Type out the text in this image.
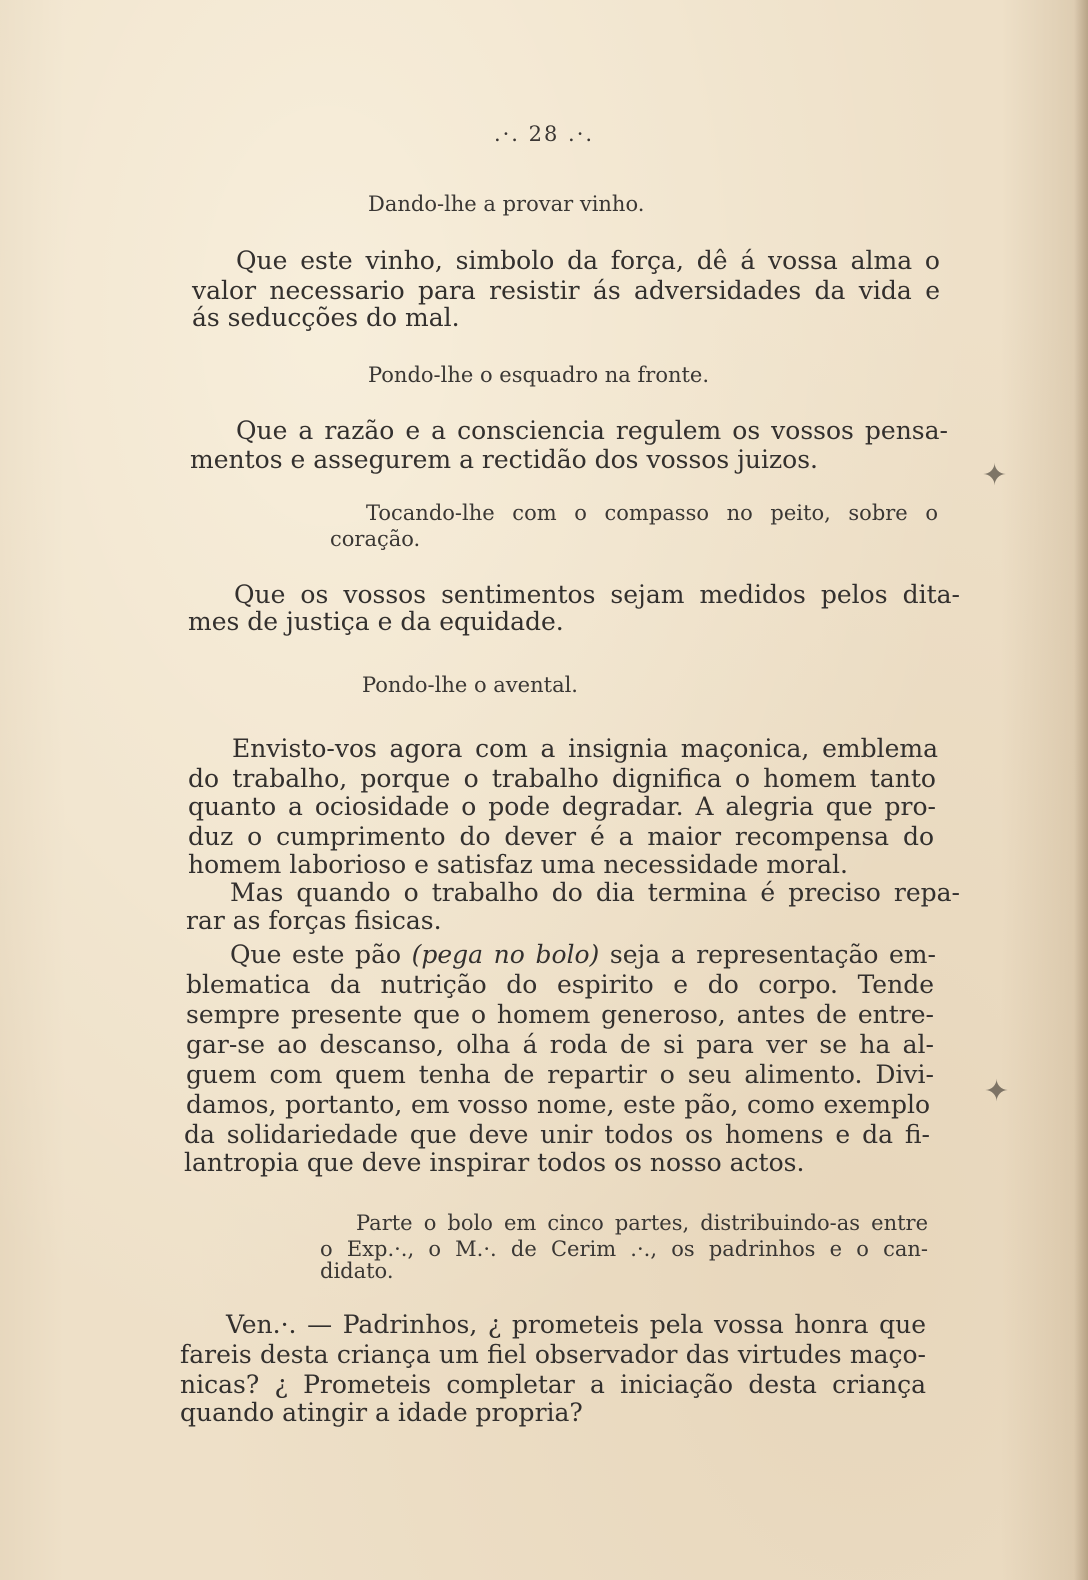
.·. 28 .·.
Dando-lhe a provar vinho.
Que este vinho, simbolo da força, dê á vossa alma o
valor necessario para resistir ás adversidades da vida e
ás seducções do mal.
Pondo-lhe o esquadro na fronte.
Que a razão e a consciencia regulem os vossos pensa-
mentos e assegurem a rectidão dos vossos juizos.
Tocando-lhe com o compasso no peito, sobre o
coração.
Que os vossos sentimentos sejam medidos pelos dita-
mes de justiça e da equidade.
Pondo-lhe o avental.
Envisto-vos agora com a insignia maçonica, emblema
do trabalho, porque o trabalho dignifica o homem tanto
quanto a ociosidade o pode degradar. A alegria que pro-
duz o cumprimento do dever é a maior recompensa do
homem laborioso e satisfaz uma necessidade moral.
Mas quando o trabalho do dia termina é preciso repa-
rar as forças fisicas.
Que este pão (pega no bolo) seja a representação em-
blematica da nutrição do espirito e do corpo. Tende
sempre presente que o homem generoso, antes de entre-
gar-se ao descanso, olha á roda de si para ver se ha al-
guem com quem tenha de repartir o seu alimento. Divi-
damos, portanto, em vosso nome, este pão, como exemplo
da solidariedade que deve unir todos os homens e da fi-
lantropia que deve inspirar todos os nosso actos.
Parte o bolo em cinco partes, distribuindo-as entre
o Exp.·., o M.·. de Cerim .·., os padrinhos e o can-
didato.
Ven.·. — Padrinhos, ¿ prometeis pela vossa honra que
fareis desta criança um fiel observador das virtudes maço-
nicas? ¿ Prometeis completar a iniciação desta criança
quando atingir a idade propria?
✦
✦
